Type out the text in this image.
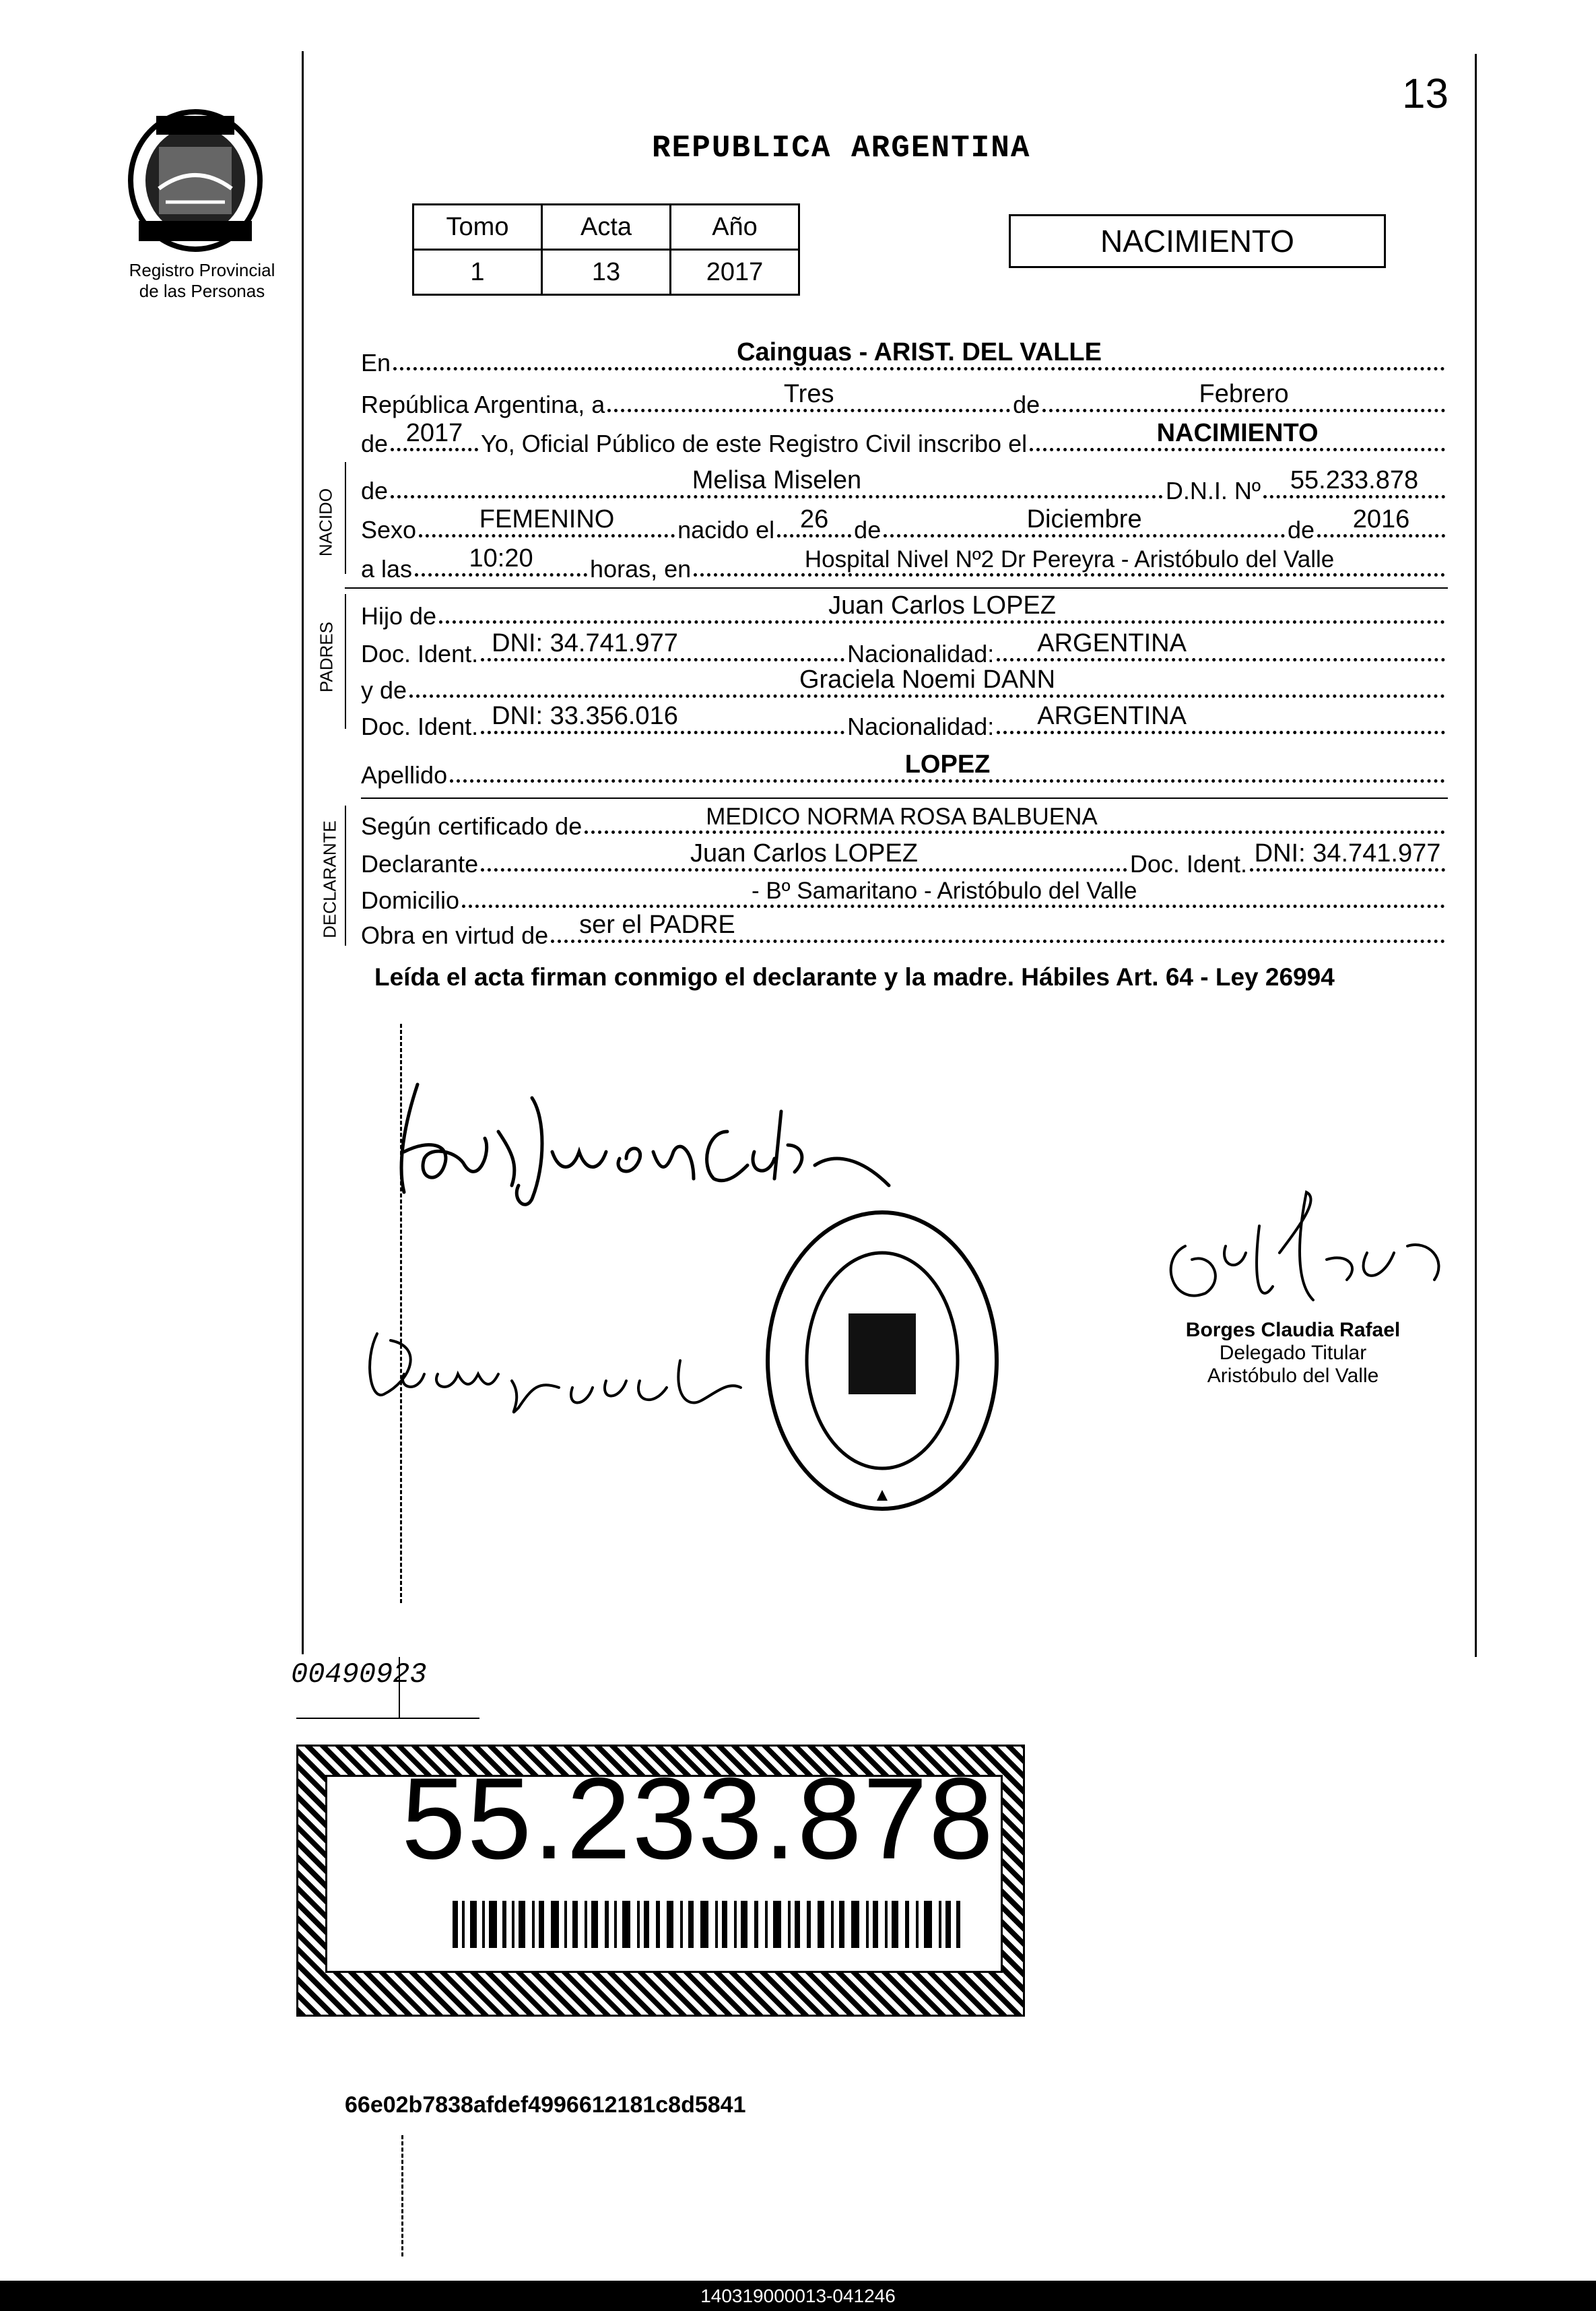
Registro Provincial
de las Personas
13
REPUBLICA ARGENTINA
Tomo	Acta	Año
1	13	2017
NACIMIENTO
En	Cainguas - ARIST. DEL VALLE
República Argentina, a	Tres	de	Febrero
de 2017 Yo, Oficial Público de este Registro Civil inscribo el	NACIMIENTO
NACIDO de	Melisa Miselen	D.N.I. Nº	55.233.878
Sexo	FEMENINO	nacido el 26	de	Diciembre	de	2016
a las	10:20	horas, en	Hospital Nivel Nº2 Dr Pereyra - Aristóbulo del Valle
PADRES
Hijo de	Juan Carlos LOPEZ
Doc. Ident. DNI: 34.741.977	Nacionalidad: ARGENTINA
y de	Graciela Noemi DANN
Doc. Ident. DNI: 33.356.016	Nacionalidad: ARGENTINA
Apellido	LOPEZ
DECLARANTE Según certificado de	MEDICO NORMA ROSA BALBUENA
Declarante	Juan Carlos LOPEZ	Doc. Ident. DNI: 34.741.977
Domicilio	- Bº Samaritano - Aristóbulo del Valle
Obra en virtud de ser el PADRE
Leída el acta firman conmigo el declarante y la madre. Hábiles Art. 64 - Ley 26994
Borges Claudia Rafael
Delegado Titular
Aristóbulo del Valle
00490923
55.233.878
66e02b7838afdef4996612181c8d5841
140319000013-041246
